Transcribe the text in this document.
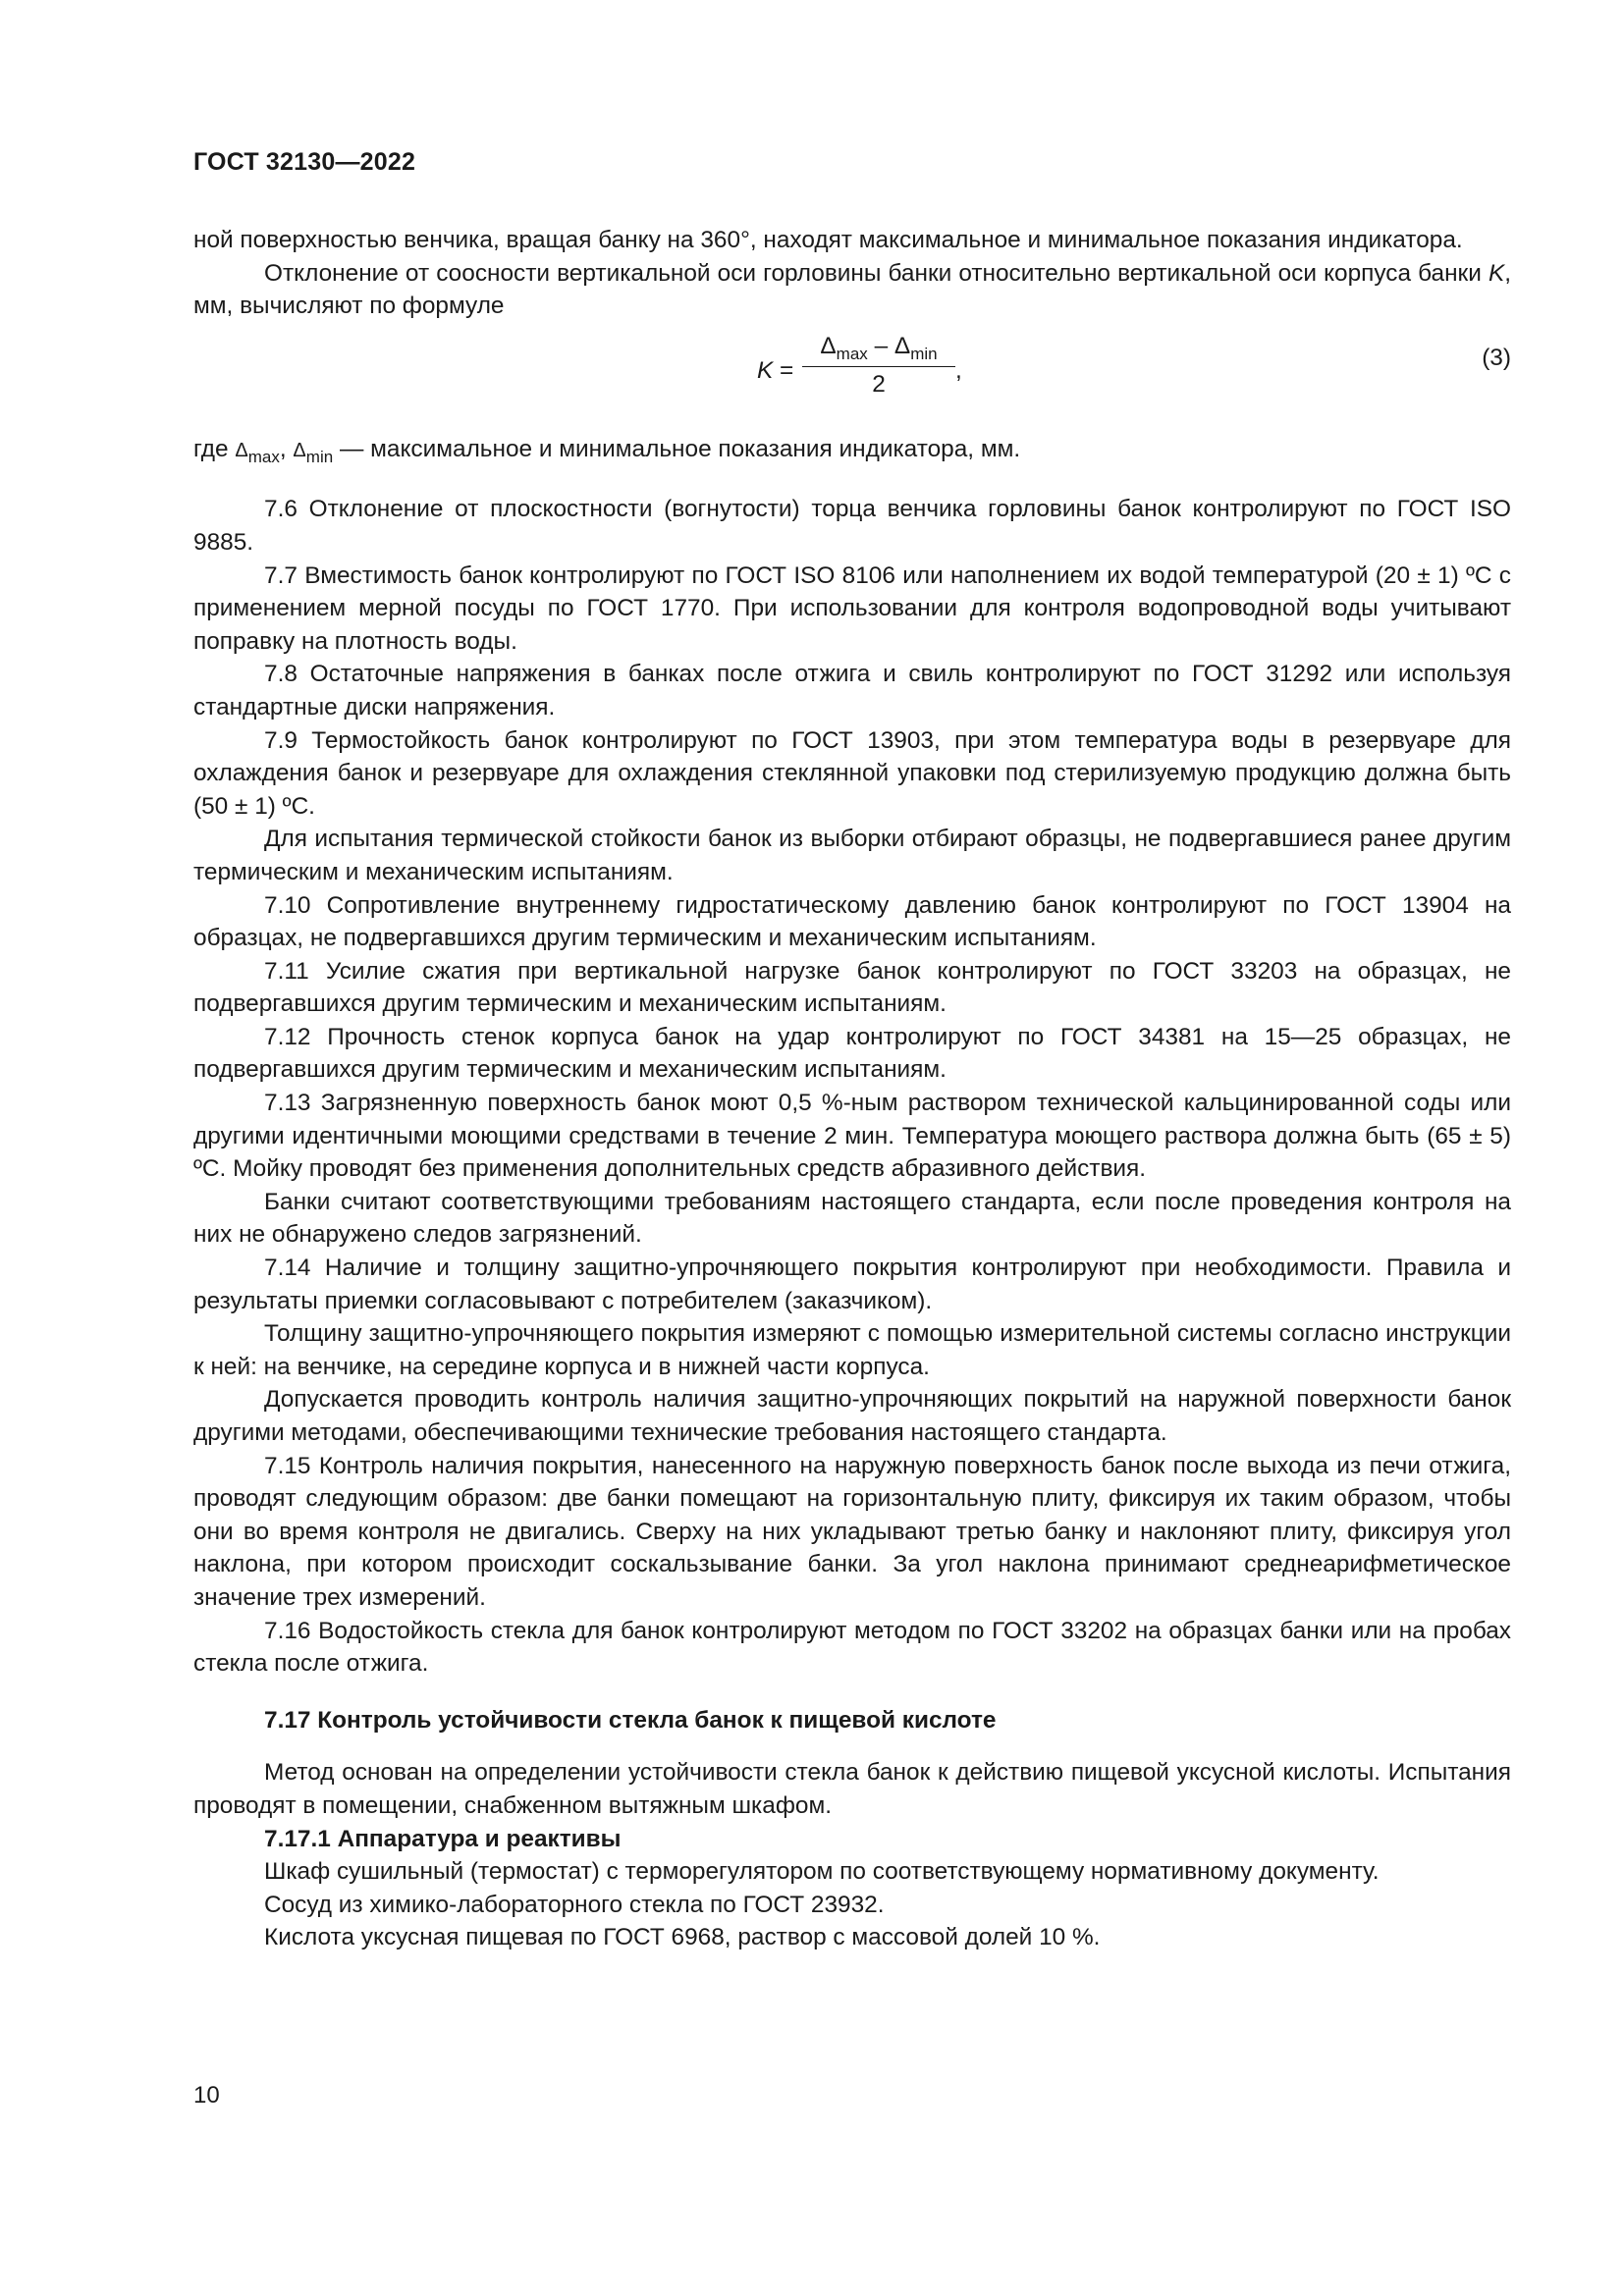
ГОСТ 32130—2022

ной поверхностью венчика, вращая банку на 360°, находят максимальное и минимальное показания индикатора.

Отклонение от соосности вертикальной оси горловины банки относительно вертикальной оси корпуса банки K, мм, вычисляют по формуле

K =
$\Delta_{max} - \Delta_{min}$
2
,	(3)

где $\Delta_{max}$, $\Delta_{min}$ — максимальное и минимальное показания индикатора, мм.

7.6 Отклонение от плоскостности (вогнутости) торца венчика горловины банок контролируют по ГОСТ ISO 9885.

7.7 Вместимость банок контролируют по ГОСТ ISO 8106 или наполнением их водой температурой (20 ± 1) ºС с применением мерной посуды по ГОСТ 1770. При использовании для контроля водопроводной воды учитывают поправку на плотность воды.

7.8 Остаточные напряжения в банках после отжига и свиль контролируют по ГОСТ 31292 или используя стандартные диски напряжения.

7.9 Термостойкость банок контролируют по ГОСТ 13903, при этом температура воды в резервуаре для охлаждения банок и резервуаре для охлаждения стеклянной упаковки под стерилизуемую продукцию должна быть (50 ± 1) ºС.

Для испытания термической стойкости банок из выборки отбирают образцы, не подвергавшиеся ранее другим термическим и механическим испытаниям.

7.10 Сопротивление внутреннему гидростатическому давлению банок контролируют по ГОСТ 13904 на образцах, не подвергавшихся другим термическим и механическим испытаниям.

7.11 Усилие сжатия при вертикальной нагрузке банок контролируют по ГОСТ 33203 на образцах, не подвергавшихся другим термическим и механическим испытаниям.

7.12 Прочность стенок корпуса банок на удар контролируют по ГОСТ 34381 на 15—25 образцах, не подвергавшихся другим термическим и механическим испытаниям.

7.13 Загрязненную поверхность банок моют 0,5 %-ным раствором технической кальцинированной соды или другими идентичными моющими средствами в течение 2 мин. Температура моющего раствора должна быть (65 ± 5) ºС. Мойку проводят без применения дополнительных средств абразивного действия.

Банки считают соответствующими требованиям настоящего стандарта, если после проведения контроля на них не обнаружено следов загрязнений.

7.14 Наличие и толщину защитно-упрочняющего покрытия контролируют при необходимости. Правила и результаты приемки согласовывают с потребителем (заказчиком).

Толщину защитно-упрочняющего покрытия измеряют с помощью измерительной системы согласно инструкции к ней: на венчике, на середине корпуса и в нижней части корпуса.

Допускается проводить контроль наличия защитно-упрочняющих покрытий на наружной поверхности банок другими методами, обеспечивающими технические требования настоящего стандарта.

7.15 Контроль наличия покрытия, нанесенного на наружную поверхность банок после выхода из печи отжига, проводят следующим образом: две банки помещают на горизонтальную плиту, фиксируя их таким образом, чтобы они во время контроля не двигались. Сверху на них укладывают третью банку и наклоняют плиту, фиксируя угол наклона, при котором происходит соскальзывание банки. За угол наклона принимают среднеарифметическое значение трех измерений.

7.16 Водостойкость стекла для банок контролируют методом по ГОСТ 33202 на образцах банки или на пробах стекла после отжига.

7.17 Контроль устойчивости стекла банок к пищевой кислоте

Метод основан на определении устойчивости стекла банок к действию пищевой уксусной кислоты. Испытания проводят в помещении, снабженном вытяжным шкафом.

7.17.1 Аппаратура и реактивы

Шкаф сушильный (термостат) с терморегулятором по соответствующему нормативному документу.

Сосуд из химико-лабораторного стекла по ГОСТ 23932.

Кислота уксусная пищевая по ГОСТ 6968, раствор с массовой долей 10 %.

10
